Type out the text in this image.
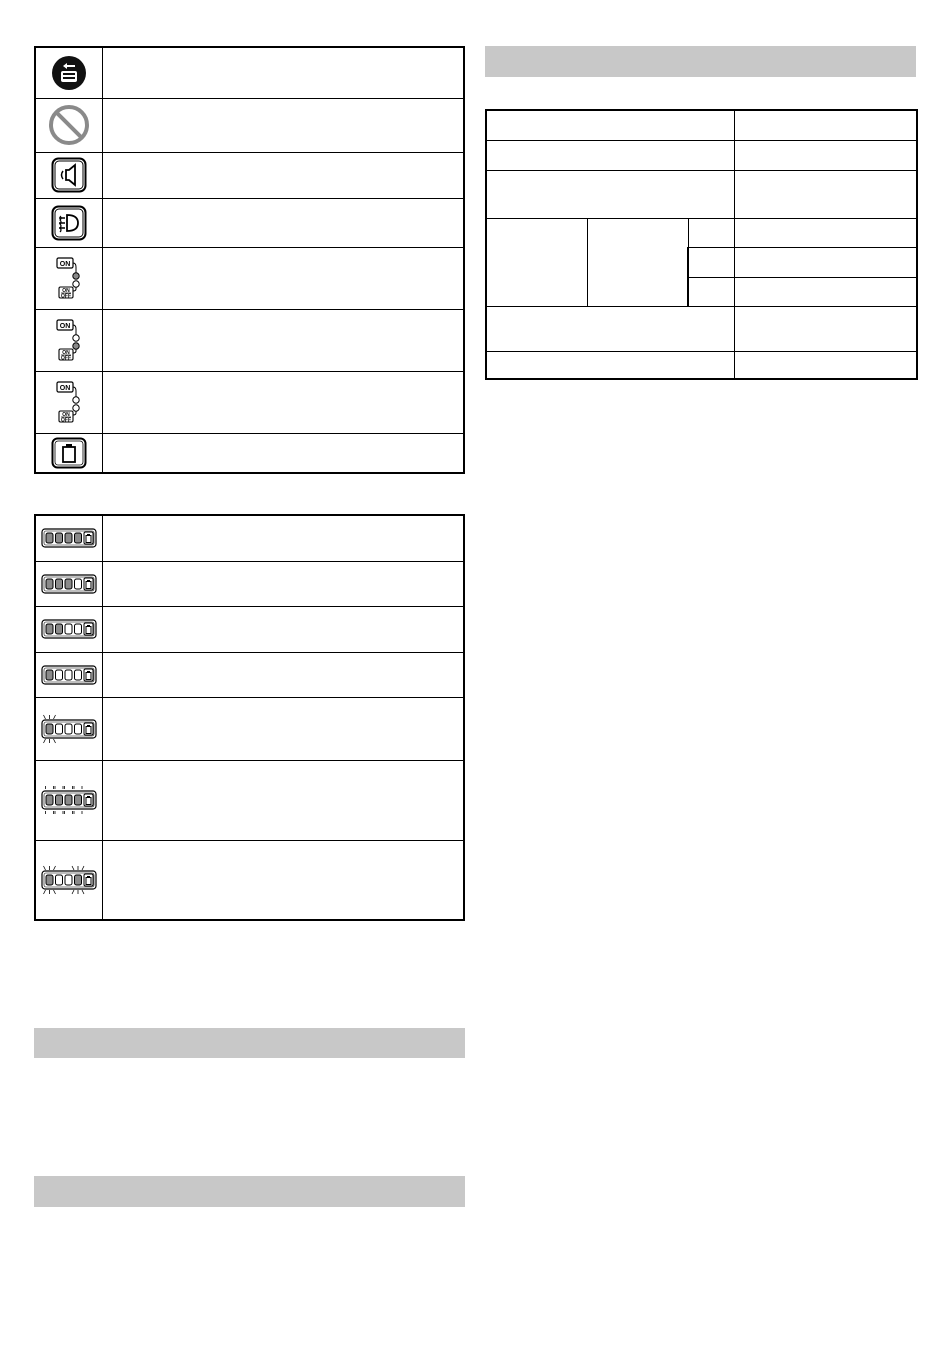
ON
ON
OFF	

ON
ON
OFF	

ON
ON
OFF	
